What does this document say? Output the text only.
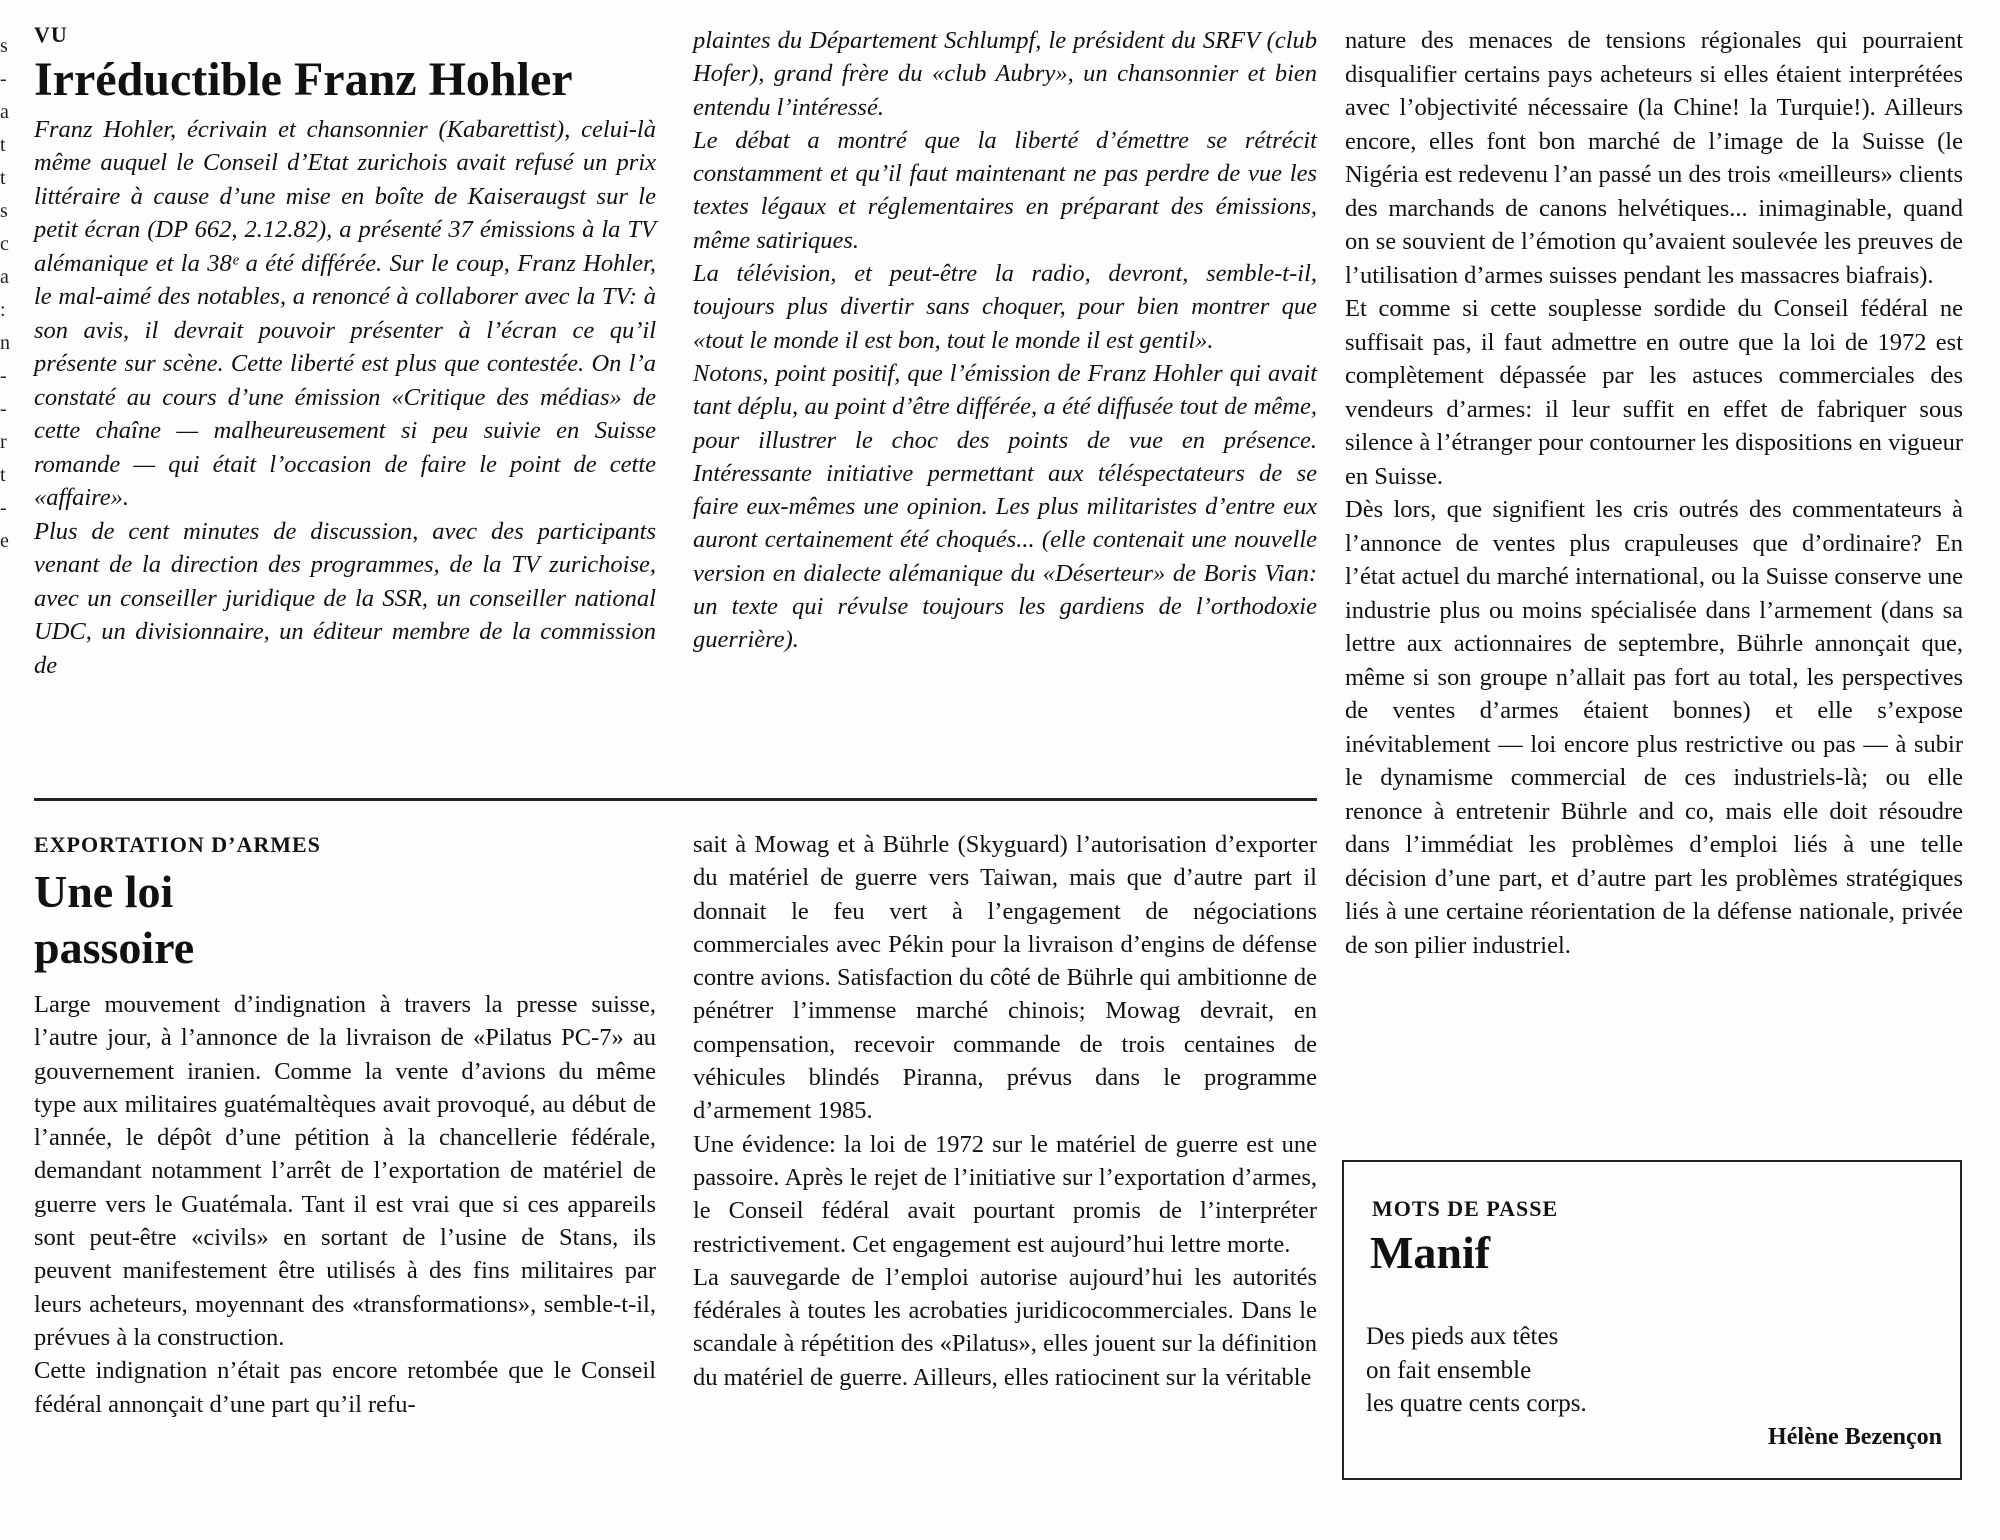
s
-
a
t
t
s
c
a
:
n
-
-
r
t
-
e

VU

Irréductible Franz Hohler

Franz Hohler, écrivain et chansonnier (Kabarettist), celui-là même auquel le Conseil d’Etat zurichois avait refusé un prix littéraire à cause d’une mise en boîte de Kaiseraugst sur le petit écran (DP 662, 2.12.82), a présenté 37 émissions à la TV alémanique et la 38ᵉ a été différée. Sur le coup, Franz Hohler, le mal-aimé des notables, a renoncé à collaborer avec la TV: à son avis, il devrait pouvoir présenter à l’écran ce qu’il présente sur scène. Cette liberté est plus que contestée. On l’a constaté au cours d’une émission «Critique des médias» de cette chaîne — malheureusement si peu suivie en Suisse romande — qui était l’occasion de faire le point de cette «affaire».

Plus de cent minutes de discussion, avec des participants venant de la direction des programmes, de la TV zurichoise, avec un conseiller juridique de la SSR, un conseiller national UDC, un divisionnaire, un éditeur membre de la commission de

plaintes du Département Schlumpf, le président du SRFV (club Hofer), grand frère du «club Aubry», un chansonnier et bien entendu l’intéressé.

Le débat a montré que la liberté d’émettre se rétrécit constamment et qu’il faut maintenant ne pas perdre de vue les textes légaux et réglementaires en préparant des émissions, même satiriques.

La télévision, et peut-être la radio, devront, semble-t-il, toujours plus divertir sans choquer, pour bien montrer que «tout le monde il est bon, tout le monde il est gentil».

Notons, point positif, que l’émission de Franz Hohler qui avait tant déplu, au point d’être différée, a été diffusée tout de même, pour illustrer le choc des points de vue en présence. Intéressante initiative permettant aux téléspectateurs de se faire eux-mêmes une opinion. Les plus militaristes d’entre eux auront certainement été choqués... (elle contenait une nouvelle version en dialecte alémanique du «Déserteur» de Boris Vian: un texte qui révulse toujours les gardiens de l’orthodoxie guerrière).

EXPORTATION D’ARMES

Une loi
passoire

Large mouvement d’indignation à travers la presse suisse, l’autre jour, à l’annonce de la livraison de «Pilatus PC-7» au gouvernement iranien. Comme la vente d’avions du même type aux militaires guatémaltèques avait provoqué, au début de l’année, le dépôt d’une pétition à la chancellerie fédérale, demandant notamment l’arrêt de l’exportation de matériel de guerre vers le Guatémala. Tant il est vrai que si ces appareils sont peut-être «civils» en sortant de l’usine de Stans, ils peuvent manifestement être utilisés à des fins militaires par leurs acheteurs, moyennant des «transformations», semble-t-il, prévues à la construction.

Cette indignation n’était pas encore retombée que le Conseil fédéral annonçait d’une part qu’il refu-

sait à Mowag et à Bührle (Skyguard) l’autorisation d’exporter du matériel de guerre vers Taiwan, mais que d’autre part il donnait le feu vert à l’engagement de négociations commerciales avec Pékin pour la livraison d’engins de défense contre avions. Satisfaction du côté de Bührle qui ambitionne de pénétrer l’immense marché chinois; Mowag devrait, en compensation, recevoir commande de trois centaines de véhicules blindés Piranna, prévus dans le programme d’armement 1985.

Une évidence: la loi de 1972 sur le matériel de guerre est une passoire. Après le rejet de l’initiative sur l’exportation d’armes, le Conseil fédéral avait pourtant promis de l’interpréter restrictivement. Cet engagement est aujourd’hui lettre morte.

La sauvegarde de l’emploi autorise aujourd’hui les autorités fédérales à toutes les acrobaties juridicocommerciales. Dans le scandale à répétition des «Pilatus», elles jouent sur la définition du matériel de guerre. Ailleurs, elles ratiocinent sur la véritable

nature des menaces de tensions régionales qui pourraient disqualifier certains pays acheteurs si elles étaient interprétées avec l’objectivité nécessaire (la Chine! la Turquie!). Ailleurs encore, elles font bon marché de l’image de la Suisse (le Nigéria est redevenu l’an passé un des trois «meilleurs» clients des marchands de canons helvétiques... inimaginable, quand on se souvient de l’émotion qu’avaient soulevée les preuves de l’utilisation d’armes suisses pendant les massacres biafrais).

Et comme si cette souplesse sordide du Conseil fédéral ne suffisait pas, il faut admettre en outre que la loi de 1972 est complètement dépassée par les astuces commerciales des vendeurs d’armes: il leur suffit en effet de fabriquer sous silence à l’étranger pour contourner les dispositions en vigueur en Suisse.

Dès lors, que signifient les cris outrés des commentateurs à l’annonce de ventes plus crapuleuses que d’ordinaire? En l’état actuel du marché international, ou la Suisse conserve une industrie plus ou moins spécialisée dans l’armement (dans sa lettre aux actionnaires de septembre, Bührle annonçait que, même si son groupe n’allait pas fort au total, les perspectives de ventes d’armes étaient bonnes) et elle s’expose inévitablement — loi encore plus restrictive ou pas — à subir le dynamisme commercial de ces industriels-là; ou elle renonce à entretenir Bührle and co, mais elle doit résoudre dans l’immédiat les problèmes d’emploi liés à une telle décision d’une part, et d’autre part les problèmes stratégiques liés à une certaine réorientation de la défense nationale, privée de son pilier industriel.

MOTS DE PASSE

Manif
Des pieds aux têtes
on fait ensemble
les quatre cents corps.
Hélène Bezençon
